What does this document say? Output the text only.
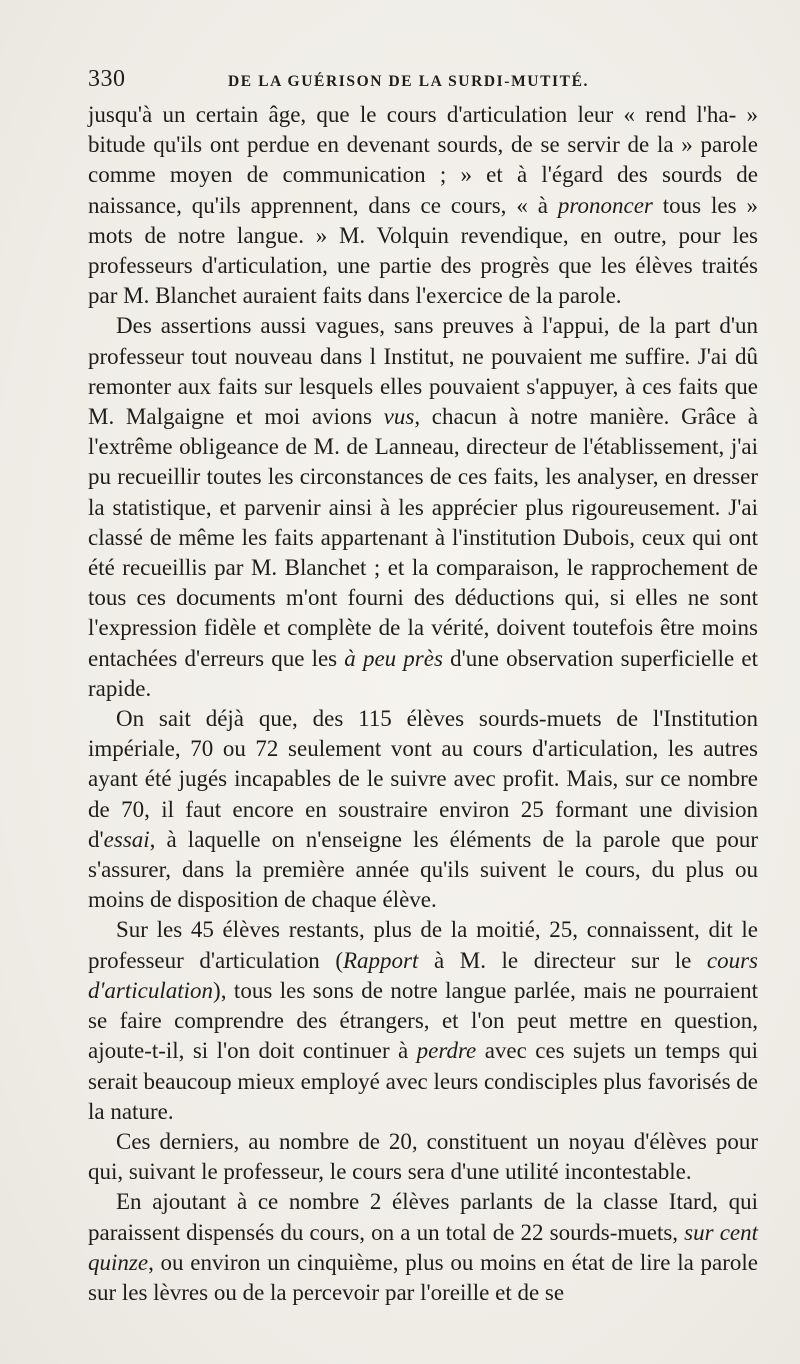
330	DE LA GUÉRISON DE LA SURDI-MUTITÉ.

jusqu'à un certain âge, que le cours d'articulation leur « rend l'ha- » bitude qu'ils ont perdue en devenant sourds, de se servir de la » parole comme moyen de communication ; » et à l'égard des sourds de naissance, qu'ils apprennent, dans ce cours, « à prononcer tous les » mots de notre langue. » M. Volquin revendique, en outre, pour les professeurs d'articulation, une partie des progrès que les élèves traités par M. Blanchet auraient faits dans l'exercice de la parole.

Des assertions aussi vagues, sans preuves à l'appui, de la part d'un professeur tout nouveau dans l Institut, ne pouvaient me suffire. J'ai dû remonter aux faits sur lesquels elles pouvaient s'appuyer, à ces faits que M. Malgaigne et moi avions vus, chacun à notre manière. Grâce à l'extrême obligeance de M. de Lanneau, directeur de l'établissement, j'ai pu recueillir toutes les circonstances de ces faits, les analyser, en dresser la statistique, et parvenir ainsi à les apprécier plus rigoureusement. J'ai classé de même les faits appartenant à l'institution Dubois, ceux qui ont été recueillis par M. Blanchet ; et la comparaison, le rapprochement de tous ces documents m'ont fourni des déductions qui, si elles ne sont l'expression fidèle et complète de la vérité, doivent toutefois être moins entachées d'erreurs que les à peu près d'une observation superficielle et rapide.

On sait déjà que, des 115 élèves sourds-muets de l'Institution impériale, 70 ou 72 seulement vont au cours d'articulation, les autres ayant été jugés incapables de le suivre avec profit. Mais, sur ce nombre de 70, il faut encore en soustraire environ 25 formant une division d'essai, à laquelle on n'enseigne les éléments de la parole que pour s'assurer, dans la première année qu'ils suivent le cours, du plus ou moins de disposition de chaque élève.

Sur les 45 élèves restants, plus de la moitié, 25, connaissent, dit le professeur d'articulation (Rapport à M. le directeur sur le cours d'articulation), tous les sons de notre langue parlée, mais ne pourraient se faire comprendre des étrangers, et l'on peut mettre en question, ajoute-t-il, si l'on doit continuer à perdre avec ces sujets un temps qui serait beaucoup mieux employé avec leurs condisciples plus favorisés de la nature.

Ces derniers, au nombre de 20, constituent un noyau d'élèves pour qui, suivant le professeur, le cours sera d'une utilité incontestable.

En ajoutant à ce nombre 2 élèves parlants de la classe Itard, qui paraissent dispensés du cours, on a un total de 22 sourds-muets, sur cent quinze, ou environ un cinquième, plus ou moins en état de lire la parole sur les lèvres ou de la percevoir par l'oreille et de se
